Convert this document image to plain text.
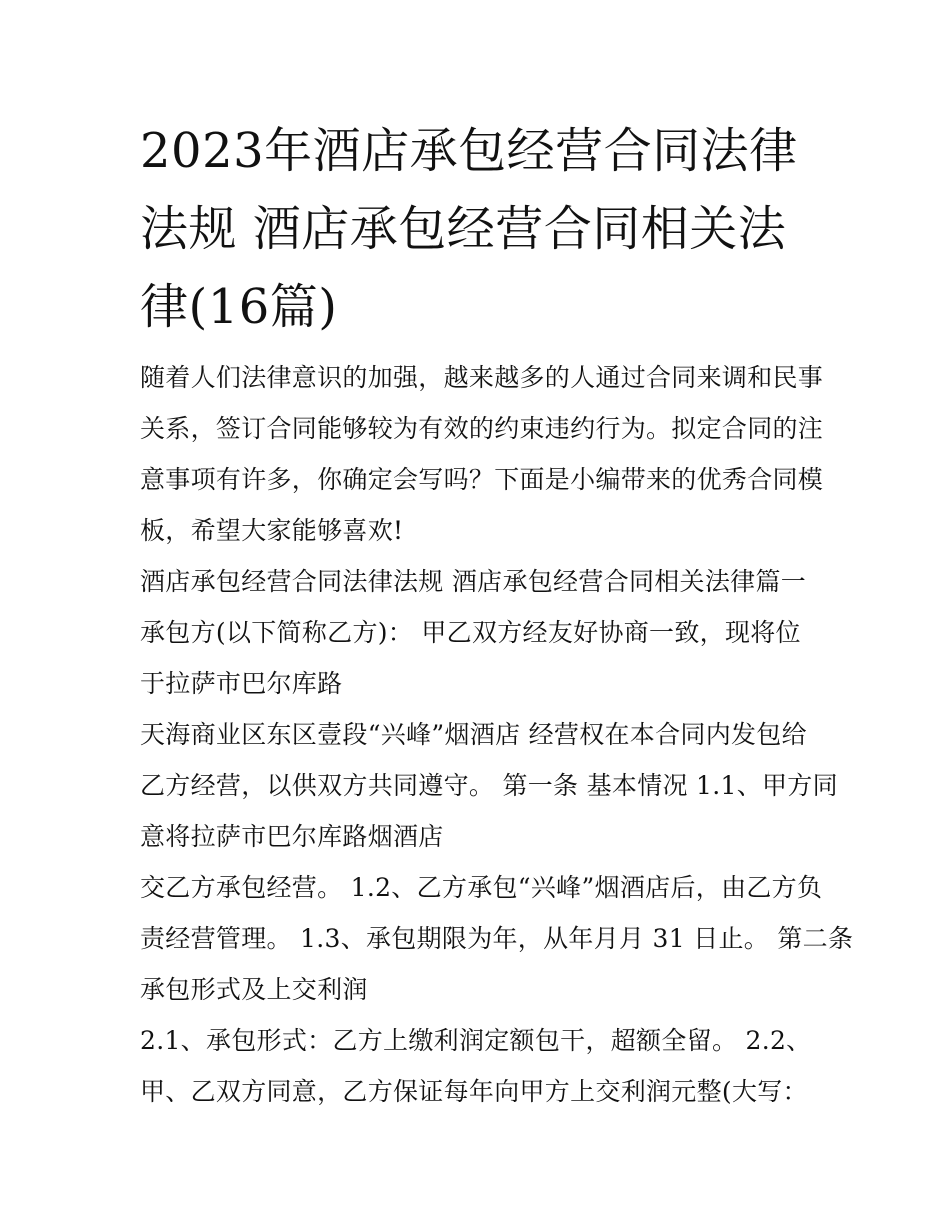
2023年酒店承包经营合同法律
法规 酒店承包经营合同相关法
律(16篇)

随着人们法律意识的加强，越来越多的人通过合同来调和民事

关系，签订合同能够较为有效的约束违约行为。拟定合同的注

意事项有许多，你确定会写吗？下面是小编带来的优秀合同模

板，希望大家能够喜欢!

酒店承包经营合同法律法规 酒店承包经营合同相关法律篇一

承包方(以下简称乙方)： 甲乙双方经友好协商一致，现将位

于拉萨市巴尔库路

天海商业区东区壹段“兴峰”烟酒店 经营权在本合同内发包给

乙方经营，以供双方共同遵守。 第一条 基本情况 1.1、甲方同

意将拉萨市巴尔库路烟酒店

交乙方承包经营。 1.2、乙方承包“兴峰”烟酒店后，由乙方负

责经营管理。 1.3、承包期限为年，从年月月 31 日止。 第二条

承包形式及上交利润

2.1、承包形式：乙方上缴利润定额包干，超额全留。 2.2、

甲、乙双方同意，乙方保证每年向甲方上交利润元整(大写：
